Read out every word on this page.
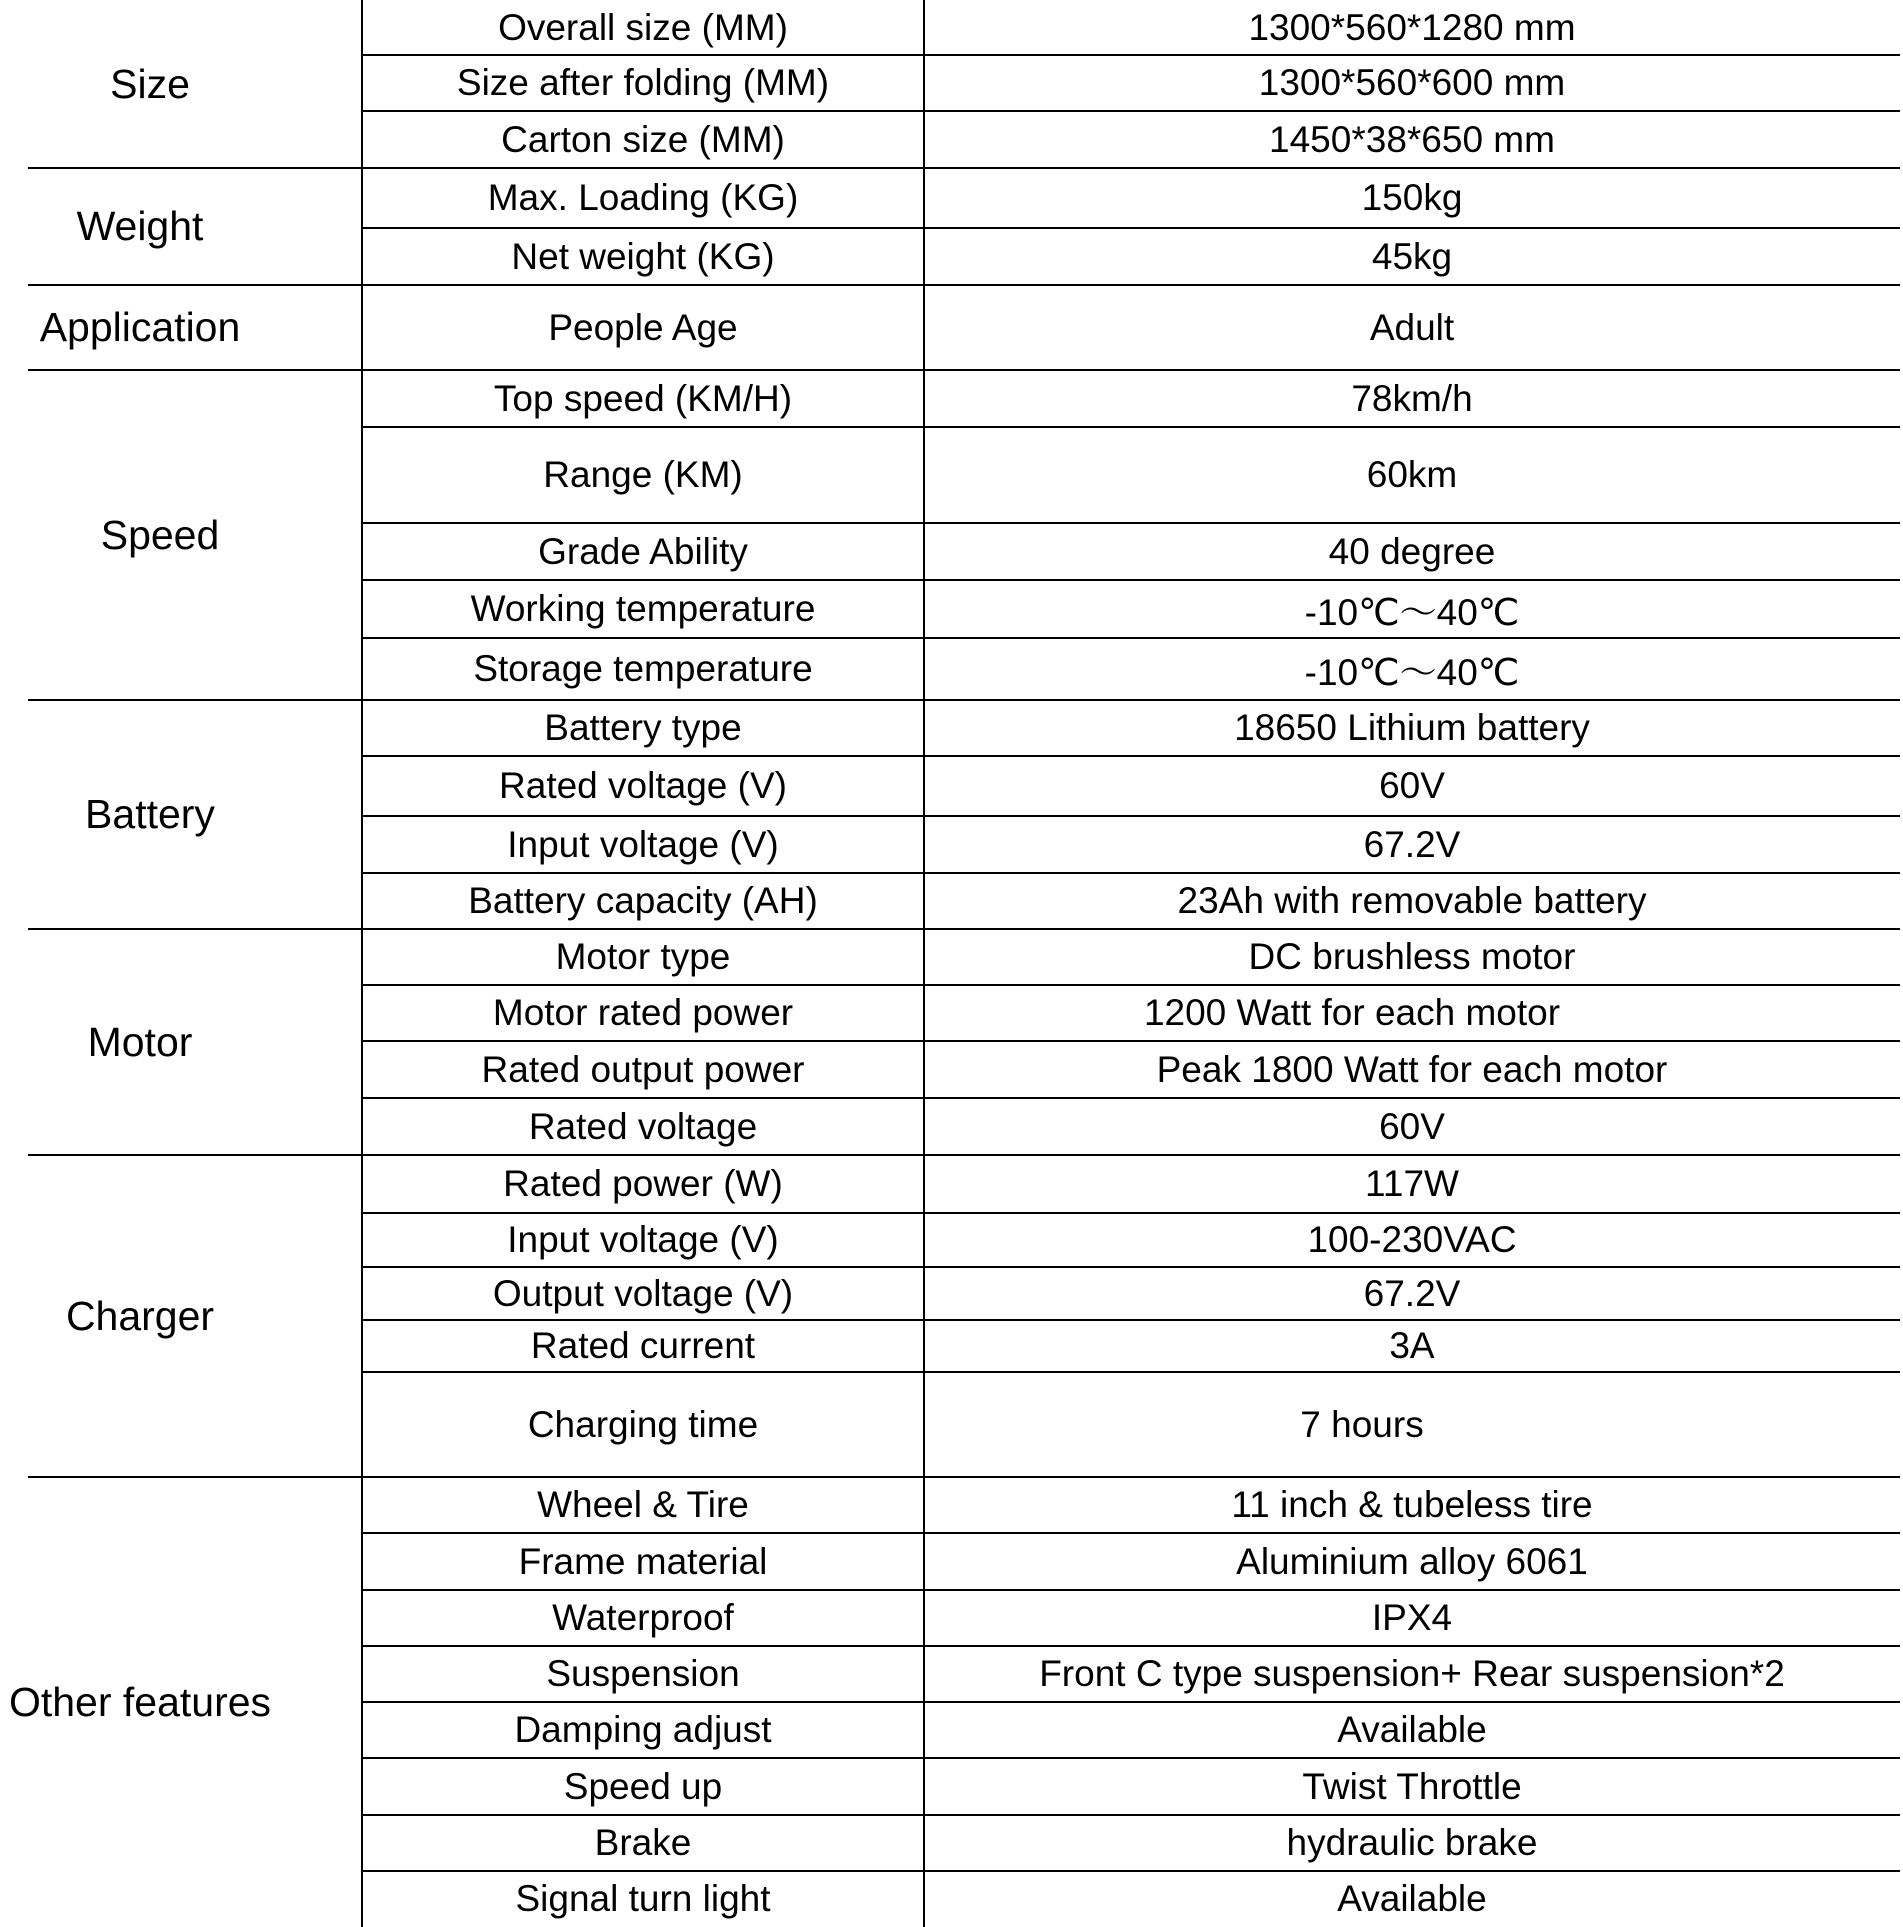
Size
Overall size (MM)	1300*560*1280 mm
Size after folding (MM)	1300*560*600 mm
Carton size (MM)	1450*38*650 mm
Weight
Max. Loading (KG)	150kg
Net weight (KG)	45kg
Application	People Age	Adult
Speed
Top speed (KM/H)	78km/h
Range (KM)	60km
Grade Ability	40 degree
Working temperature	-10℃～40℃
Storage temperature	-10℃～40℃
Battery
Battery type	18650 Lithium battery
Rated voltage (V)	60V
Input voltage (V)	67.2V
Battery capacity (AH)	23Ah with removable battery
Motor
Motor type	DC brushless motor
Motor rated power	1200 Watt for each motor
Rated output power	Peak 1800 Watt for each motor
Rated voltage	60V
Charger
Rated power (W)	117W
Input voltage (V)	100-230VAC
Output voltage (V)	67.2V
Rated current	3A
Charging time	7 hours
Other features
Wheel & Tire	11 inch & tubeless tire
Frame material	Aluminium alloy 6061
Waterproof	IPX4
Suspension	Front C type suspension+ Rear suspension*2
Damping adjust	Available
Speed up	Twist Throttle
Brake	hydraulic brake
Signal turn light	Available
